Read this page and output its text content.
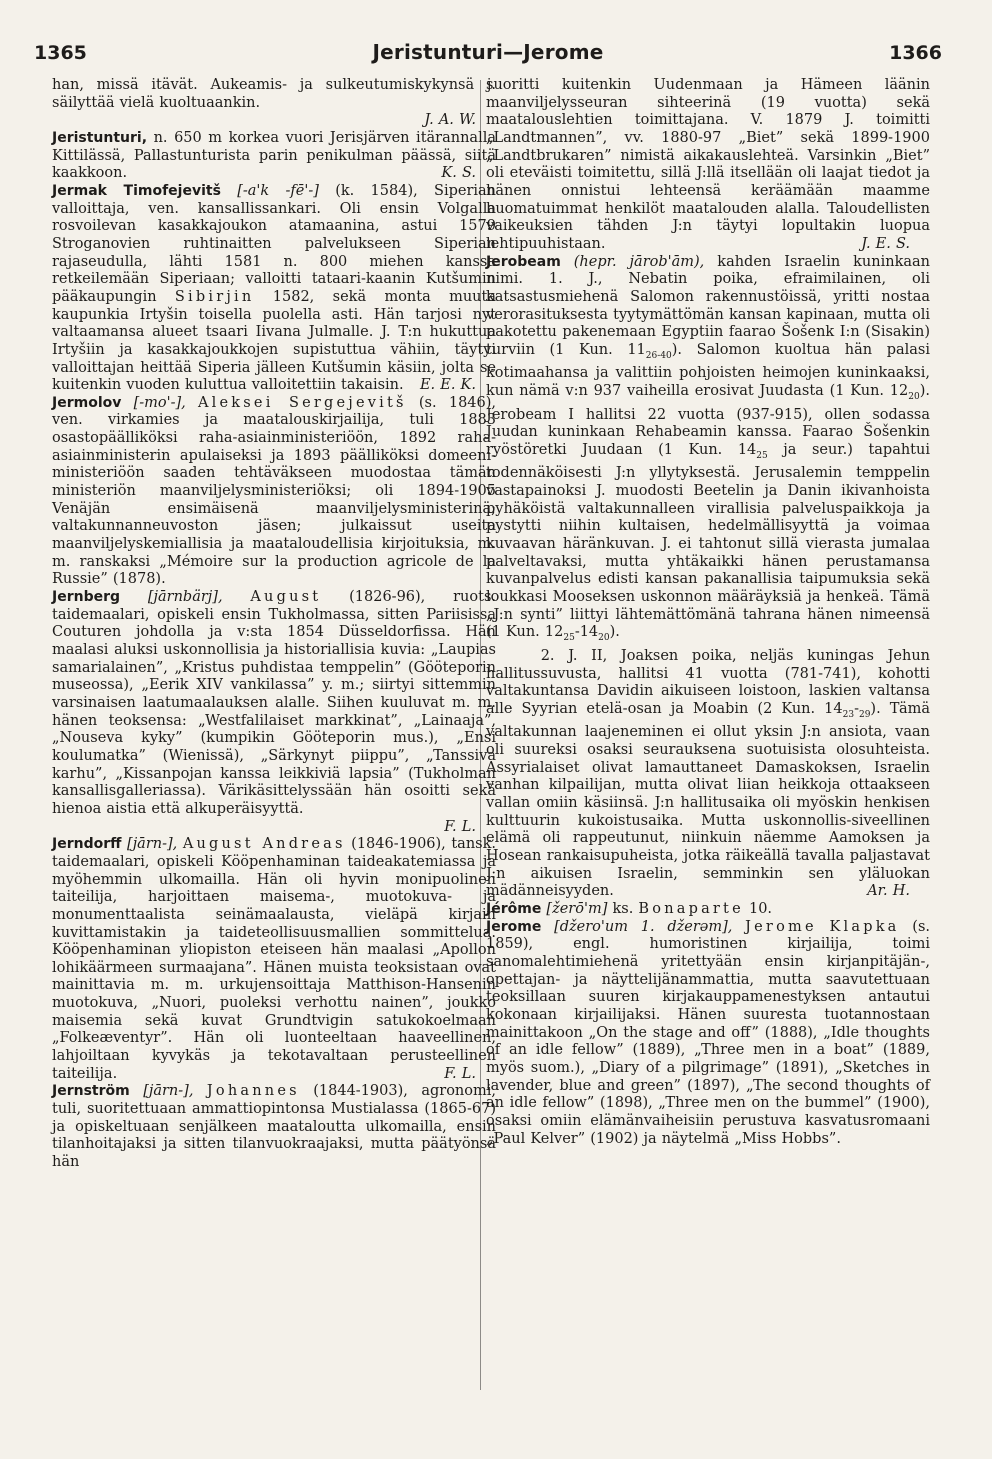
1365	Jeristunturi—Jerome	1366

han, missä itävät. Aukeamis- ja sulkeutumiskykynsä j. säilyttää vielä kuoltuaankin.

J. A. W.

Jeristunturi, n. 650 m korkea vuori Jerisjärven itärannalla Kittilässä, Pallastunturista parin penikulman päässä, siitä kaakkoon.	K. S.

Jermak Timofejevitš [-a'k -fē'-] (k. 1584), Siperian valloittaja, ven. kansallissankari. Oli ensin Volgalla rosvoilevan kasakkajoukon atamaanina, astui 1579 Stroganovien ruhtinaitten palvelukseen Siperian rajaseudulla, lähti 1581 n. 800 miehen kanssa retkeilemään Siperiaan; valloitti tataari-kaanin Kutšumin pääkaupungin Sibirjin 1582, sekä monta muuta kaupunkia Irtyšin toisella puolella asti. Hän tarjosi nyt valtaamansa alueet tsaari Iivana Julmalle. J. T:n hukuttua Irtyšiin ja kasakkajoukkojen supistuttua vähiin, täytyi valloittajan heittää Siperia jälleen Kutšumin käsiin, jolta se kuitenkin vuoden kuluttua valloitettiin takaisin. E. E. K.

Jermolov [-mo'-], Aleksei Sergejevitš (s. 1846), ven. virkamies ja maatalouskirjailija, tuli 1883 osastopäälliköksi raha-asiainministeriöön, 1892 raha-asiainministerin apulaiseksi ja 1893 päälliköksi domeeni-ministeriöön saaden tehtäväkseen muodostaa tämän ministeriön maanviljelysministeriöksi; oli 1894-1905 Venäjän ensimäisenä maanviljelysministerinä; valtakunnanneuvoston jäsen; julkaissut useita maanviljelyskemiallisia ja maataloudellisia kirjoituksia, m. m. ranskaksi „Mémoire sur la production agricole de la Russie” (1878).

Jernberg [jārnbärj], August (1826-96), ruots. taidemaalari, opiskeli ensin Tukholmassa, sitten Pariisissa Couturen johdolla ja v:sta 1854 Düsseldorfissa. Hän maalasi aluksi uskonnollisia ja historiallisia kuvia: „Laupias samarialainen”, „Kristus puhdistaa temppelin” (Gööteporin museossa), „Eerik XIV vankilassa” y. m.; siirtyi sittemmin varsinaisen laatumaalauksen alalle. Siihen kuuluvat m. m. hänen teoksensa: „Westfalilaiset markkinat”, „Lainaaja”, „Nouseva kyky” (kumpikin Gööteporin mus.), „Ensi koulumatka” (Wienissä), „Särkynyt piippu”, „Tanssiva karhu”, „Kissanpojan kanssa leikkiviä lapsia” (Tukholman kansallisgalleriassa). Värikäsittelyssään hän osoitti sekä hienoa aistia että alkuperäisyyttä.

F. L.

Jerndorff [jārn-], August Andreas (1846-1906), tansk. taidemaalari, opiskeli Kööpenhaminan taideakatemiassa ja myöhemmin ulkomailla. Hän oli hyvin monipuolinen taiteilija, harjoittaen maisema-, muotokuva- ja monumenttaalista seinämaalausta, vieläpä kirjain kuvittamistakin ja taideteollisuusmallien sommittelua. Kööpenhaminan yliopiston eteiseen hän maalasi „Apollon lohikäärmeen surmaajana”. Hänen muista teoksistaan ovat mainittavia m. m. urkujensoittaja Matthison-Hansenin muotokuva, „Nuori, puoleksi verhottu nainen”, joukko maisemia sekä kuvat Grundtvigin satukokoelmaan „Folkeæventyr”. Hän oli luonteeltaan haaveellinen, lahjoiltaan kyvykäs ja tekotavaltaan perusteellinen taiteilija.	F. L.

Jernström [jārn-], Johannes (1844-1903), agronomi, tuli, suoritettuaan ammattiopintonsa Mustialassa (1865-67) ja opiskeltuaan senjälkeen maataloutta ulkomailla, ensin tilanhoitajaksi ja sitten tilanvuokraajaksi, mutta päätyönsä hän

suoritti kuitenkin Uudenmaan ja Hämeen läänin maanviljelysseuran sihteerinä (19 vuotta) sekä maatalouslehtien toimittajana. V. 1879 J. toimitti „Landtmannen”, vv. 1880-97 „Biet” sekä 1899-1900 „Landtbrukaren” nimistä aikakauslehteä. Varsinkin „Biet” oli eteväisti toimitettu, sillä J:llä itsellään oli laajat tiedot ja hänen onnistui lehteensä keräämään maamme huomatuimmat henkilöt maatalouden alalla. Taloudellisten vaikeuksien tähden J:n täytyi lopultakin luopua lehtipuuhistaan.	J. E. S.

Jerobeam (hepr. jārob'ām), kahden Israelin kuninkaan nimi. 1. J., Nebatin poika, efraimilainen, oli katsastusmiehenä Salomon rakennustöissä, yritti nostaa verorasituksesta tyytymättömän kansan kapinaan, mutta oli pakotettu pakenemaan Egyptiin faarao Šošenk I:n (Sisakin) turviin (1 Kun. $11_{26-40}$). Salomon kuoltua hän palasi kotimaahansa ja valittiin pohjoisten heimojen kuninkaaksi, kun nämä v:n 937 vaiheilla erosivat Juudasta (1 Kun. $12_{20}$). Jerobeam I hallitsi 22 vuotta (937-915), ollen sodassa Juudan kuninkaan Rehabeamin kanssa. Faarao Šošenkin ryöstöretki Juudaan (1 Kun. $14_{25}$ ja seur.) tapahtui todennäköisesti J:n yllytyksestä. Jerusalemin temppelin vastapainoksi J. muodosti Beetelin ja Danin ikivanhoista pyhäköistä valtakunnalleen virallisia palveluspaikkoja ja pystytti niihin kultaisen, hedelmällisyyttä ja voimaa kuvaavan häränkuvan. J. ei tahtonut sillä vierasta jumalaa palveltavaksi, mutta yhtäkaikki hänen perustamansa kuvanpalvelus edisti kansan pakanallisia taipumuksia sekä loukkasi Mooseksen uskonnon määräyksiä ja henkeä. Tämä „J:n synti” liittyi lähtemättömänä tahrana hänen nimeensä (1 Kun. $12_{25}-14_{20}$).

2. J. II, Joaksen poika, neljäs kuningas Jehun hallitussuvusta, hallitsi 41 vuotta (781-741), kohotti valtakuntansa Davidin aikuiseen loistoon, laskien valtansa alle Syyrian etelä-osan ja Moabin (2 Kun. $14_{23}-_{29}$). Tämä valtakunnan laajeneminen ei ollut yksin J:n ansiota, vaan oli suureksi osaksi seurauksena suotuisista olosuhteista. Assyrialaiset olivat lamauttaneet Damaskoksen, Israelin vanhan kilpailijan, mutta olivat liian heikkoja ottaakseen vallan omiin käsiinsä. J:n hallitusaika oli myöskin henkisen kulttuurin kukoistusaika. Mutta uskonnollis-siveellinen elämä oli rappeutunut, niinkuin näemme Aamoksen ja Hosean rankaisupuheista, jotka räikeällä tavalla paljastavat J:n aikuisen Israelin, semminkin sen yläluokan mädänneisyyden.	Ar. H.

Jérôme [žerō'm] ks. Bonaparte 10.

Jerome [džero'um 1. džerəm], Jerome Klapka (s. 1859), engl. humoristinen kirjailija, toimi sanomalehtimiehenä yritettyään ensin kirjanpitäjän-, opettajan- ja näyttelijänammattia, mutta saavutettuaan teoksillaan suuren kirjakauppamenestyksen antautui kokonaan kirjailijaksi. Hänen suuresta tuotannostaan mainittakoon „On the stage and off” (1888), „Idle thoughts of an idle fellow” (1889), „Three men in a boat” (1889, myös suom.), „Diary of a pilgrimage” (1891), „Sketches in lavender, blue and green” (1897), „The second thoughts of an idle fellow” (1898), „Three men on the bummel” (1900), osaksi omiin elämänvaiheisiin perustuva kasvatusromaani „Paul Kelver” (1902) ja näytelmä „Miss Hobbs”.
